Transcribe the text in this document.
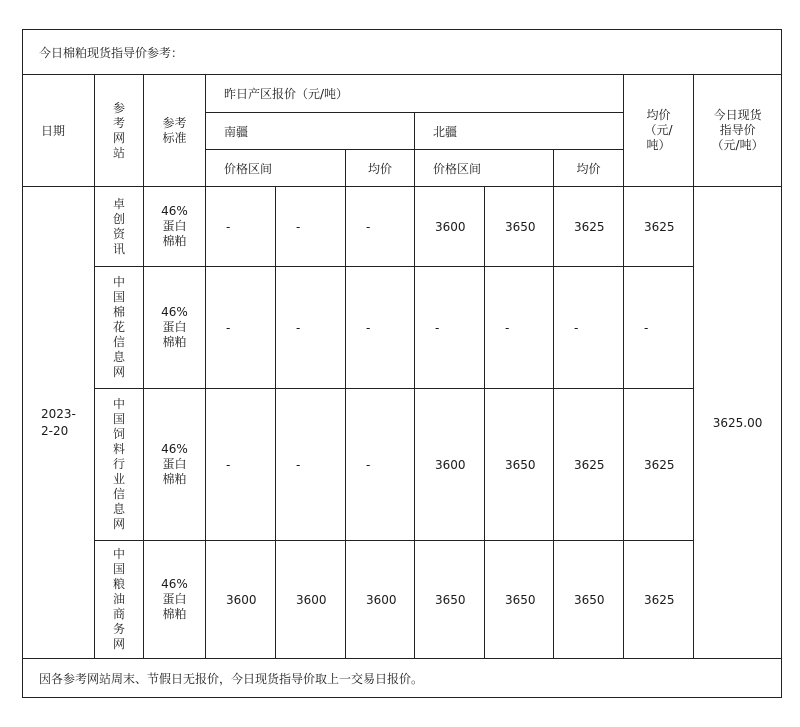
今日棉粕现货指导价参考：										
日期	参考网站	参考标准	昨日产区报价（元/吨）						均价（元/吨）	今日现货指导价（元/吨）
			南疆			北疆				
			价格区间		均价	价格区间		均价		
2023-2-20	卓创资讯	46%蛋白棉粕	-	-	-	3600	3650	3625	3625	3625.00
	中国棉花信息网	46%蛋白棉粕	-	-	-	-	-	-	-	
	中国饲料行业信息网	46%蛋白棉粕	-	-	-	3600	3650	3625	3625	
	中国粮油商务网	46%蛋白棉粕	3600	3600	3600	3650	3650	3650	3625	
因各参考网站周末、节假日无报价，今日现货指导价取上一交易日报价。										
